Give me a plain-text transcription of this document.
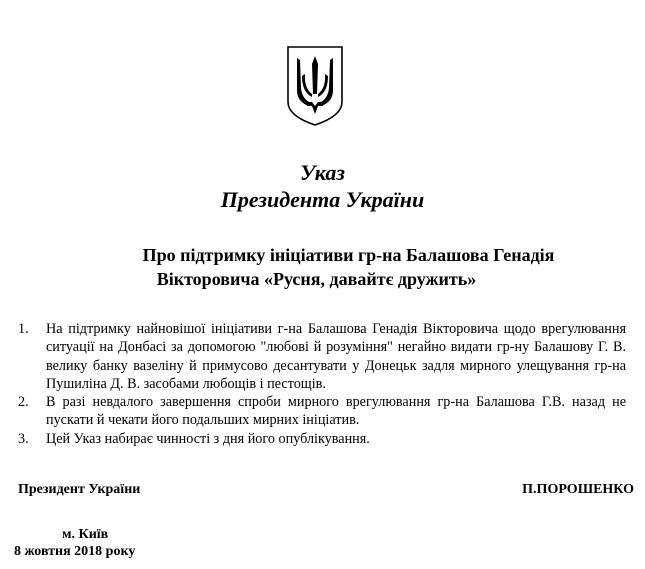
Указ
Президента України
Про підтримку ініціативи гр-на Балашова Генадія
Вікторовича «Русня, давайтє дружить»
1. На підтримку найновішої ініціативи г-на Балашова Генадія Вікторовича щодо врегулювання ситуації на Донбасі за допомогою "любові й розуміння" негайно видати гр-ну Балашову Г. В. велику банку вазеліну й примусово десантувати у Донецьк задля мирного улещування гр-на Пушиліна Д. В. засобами любощів і пестощів.
2. В разі невдалого завершення спроби мирного врегулювання гр-на Балашова Г.В. назад не пускати й чекати його подальших мирних ініціатив.
3. Цей Указ набирає чинності з дня його опублікування.
Президент України	П.ПОРОШЕНКО
м. Київ
8 жовтня 2018 року
